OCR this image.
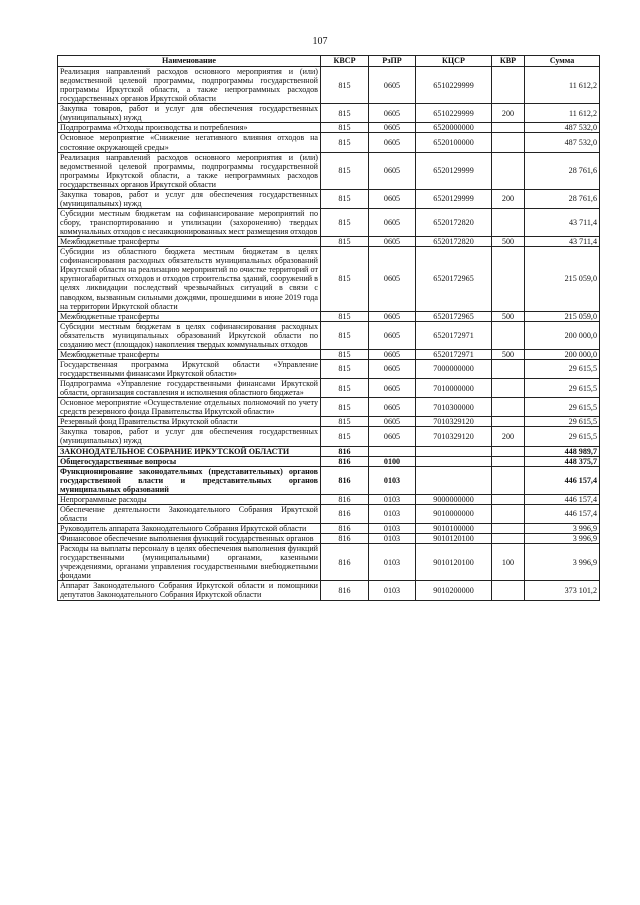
107
Наименование	КВСР	РзПР	КЦСР	КВР	Сумма
Реализация направлений расходов основного мероприятия и (или) ведомственной целевой программы, подпрограммы государственной программы Иркутской области, а также непрограммных расходов государственных органов Иркутской области	815	0605	6510229999		11 612,2
Закупка товаров, работ и услуг для обеспечения государственных (муниципальных) нужд	815	0605	6510229999	200	11 612,2
Подпрограмма «Отходы производства и потребления»	815	0605	6520000000		487 532,0
Основное мероприятие «Снижение негативного влияния отходов на состояние окружающей среды»	815	0605	6520100000		487 532,0
Реализация направлений расходов основного мероприятия и (или) ведомственной целевой программы, подпрограммы государственной программы Иркутской области, а также непрограммных расходов государственных органов Иркутской области	815	0605	6520129999		28 761,6
Закупка товаров, работ и услуг для обеспечения государственных (муниципальных) нужд	815	0605	6520129999	200	28 761,6
Субсидии местным бюджетам на софинансирование мероприятий по сбору, транспортированию и утилизации (захоронению) твердых коммунальных отходов с несанкционированных мест размещения отходов	815	0605	6520172820		43 711,4
Межбюджетные трансферты	815	0605	6520172820	500	43 711,4
Субсидии из областного бюджета местным бюджетам в целях софинансирования расходных обязательств муниципальных образований Иркутской области на реализацию мероприятий по очистке территорий от крупногабаритных отходов и отходов строительства зданий, сооружений в целях ликвидации последствий чрезвычайных ситуаций в связи с паводком, вызванным сильными дождями, прошедшими в июне 2019 года на территории Иркутской области	815	0605	6520172965		215 059,0
Межбюджетные трансферты	815	0605	6520172965	500	215 059,0
Субсидии местным бюджетам в целях софинансирования расходных обязательств муниципальных образований Иркутской области по созданию мест (площадок) накопления твердых коммунальных отходов	815	0605	6520172971		200 000,0
Межбюджетные трансферты	815	0605	6520172971	500	200 000,0
Государственная программа Иркутской области «Управление государственными финансами Иркутской области»	815	0605	7000000000		29 615,5
Подпрограмма «Управление государственными финансами Иркутской области, организация составления и исполнения областного бюджета»	815	0605	7010000000		29 615,5
Основное мероприятие «Осуществление отдельных полномочий по учету средств резервного фонда Правительства Иркутской области»	815	0605	7010300000		29 615,5
Резервный фонд Правительства Иркутской области	815	0605	7010329120		29 615,5
Закупка товаров, работ и услуг для обеспечения государственных (муниципальных) нужд	815	0605	7010329120	200	29 615,5
ЗАКОНОДАТЕЛЬНОЕ СОБРАНИЕ ИРКУТСКОЙ ОБЛАСТИ	816				448 989,7
Общегосударственные вопросы	816	0100			448 375,7
Функционирование законодательных (представительных) органов государственной власти и представительных органов муниципальных образований	816	0103			446 157,4
Непрограммные расходы	816	0103	9000000000		446 157,4
Обеспечение деятельности Законодательного Собрания Иркутской области	816	0103	9010000000		446 157,4
Руководитель аппарата Законодательного Собрания Иркутской области	816	0103	9010100000		3 996,9
Финансовое обеспечение выполнения функций государственных органов	816	0103	9010120100		3 996,9
Расходы на выплаты персоналу в целях обеспечения выполнения функций государственными (муниципальными) органами, казенными учреждениями, органами управления государственными внебюджетными фондами	816	0103	9010120100	100	3 996,9
Аппарат Законодательного Собрания Иркутской области и помощники депутатов Законодательного Собрания Иркутской области	816	0103	9010200000		373 101,2
